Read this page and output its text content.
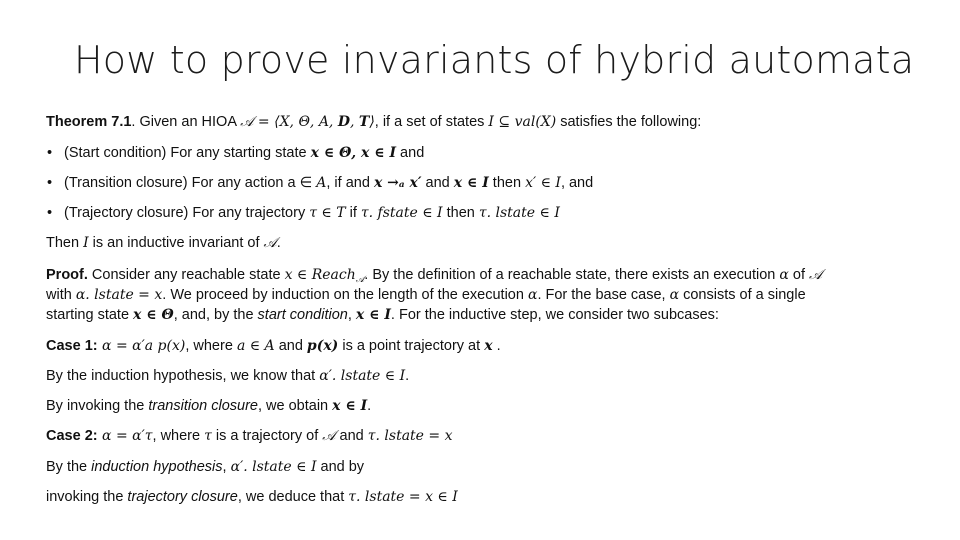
How to prove invariants of hybrid automata
Theorem 7.1. Given an HIOA 𝒜 = ⟨X, Θ, A, D, T⟩, if a set of states I ⊆ val(X) satisfies the following:
• (Start condition) For any starting state x ∈ Θ, x ∈ I and
• (Transition closure) For any action a ∈ A, if and x →ₐ x′ and x ∈ I then x′ ∈ I, and
• (Trajectory closure) For any trajectory τ ∈ T if τ. fstate ∈ I then τ. lstate ∈ I
Then I is an inductive invariant of 𝒜.
Proof. Consider any reachable state x ∈ Reach$_𝒜$. By the definition of a reachable state, there exists an execution α of 𝒜
with α. lstate = x. We proceed by induction on the length of the execution α. For the base case, α consists of a single
starting state x ∈ Θ, and, by the start condition, x ∈ I. For the inductive step, we consider two subcases:
Case 1: α = α′a p(x), where a ∈ A and p(x) is a point trajectory at x .
By the induction hypothesis, we know that α′. lstate ∈ I.
By invoking the transition closure, we obtain x ∈ I.
Case 2: α = α′τ, where τ is a trajectory of 𝒜 and τ. lstate = x
By the induction hypothesis, α′. lstate ∈ I and by
invoking the trajectory closure, we deduce that τ. lstate = x ∈ I
